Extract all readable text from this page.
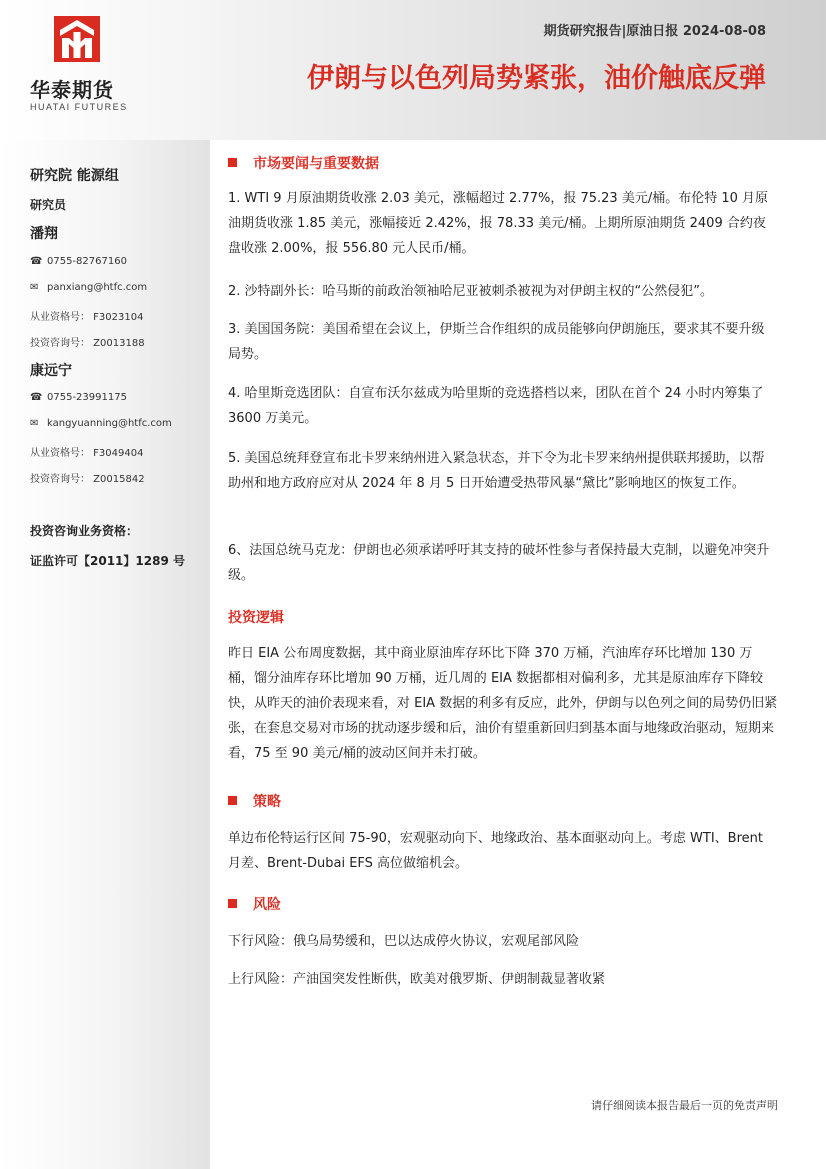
华泰期货
HUATAI FUTURES
期货研究报告|原油日报 2024-08-08
伊朗与以色列局势紧张，油价触底反弹
研究院 能源组
研究员
潘翔
☎ 0755-82767160
✉ panxiang@htfc.com
从业资格号： F3023104
投资咨询号： Z0013188
康远宁
☎ 0755-23991175
✉ kangyuanning@htfc.com
从业资格号： F3049404
投资咨询号： Z0015842
投资咨询业务资格：
证监许可【2011】1289 号
市场要闻与重要数据
1. WTI 9 月原油期货收涨 2.03 美元，涨幅超过 2.77%，报 75.23 美元/桶。布伦特 10 月原油期货收涨 1.85 美元，涨幅接近 2.42%，报 78.33 美元/桶。上期所原油期货 2409 合约夜盘收涨 2.00%，报 556.80 元人民币/桶。
2. 沙特副外长：哈马斯的前政治领袖哈尼亚被刺杀被视为对伊朗主权的“公然侵犯”。
3. 美国国务院：美国希望在会议上，伊斯兰合作组织的成员能够向伊朗施压，要求其不要升级局势。
4. 哈里斯竞选团队：自宣布沃尔兹成为哈里斯的竞选搭档以来，团队在首个 24 小时内筹集了 3600 万美元。
5. 美国总统拜登宣布北卡罗来纳州进入紧急状态，并下令为北卡罗来纳州提供联邦援助，以帮助州和地方政府应对从 2024 年 8 月 5 日开始遭受热带风暴“黛比”影响地区的恢复工作。
6、法国总统马克龙：伊朗也必须承诺呼吁其支持的破坏性参与者保持最大克制，以避免冲突升级。
投资逻辑
昨日 EIA 公布周度数据，其中商业原油库存环比下降 370 万桶，汽油库存环比增加 130 万桶，馏分油库存环比增加 90 万桶，近几周的 EIA 数据都相对偏利多，尤其是原油库存下降较快，从昨天的油价表现来看，对 EIA 数据的利多有反应，此外，伊朗与以色列之间的局势仍旧紧张，在套息交易对市场的扰动逐步缓和后，油价有望重新回归到基本面与地缘政治驱动，短期来看，75 至 90 美元/桶的波动区间并未打破。
策略
单边布伦特运行区间 75-90，宏观驱动向下、地缘政治、基本面驱动向上。考虑 WTI、Brent 月差、Brent-Dubai EFS 高位做缩机会。
风险
下行风险：俄乌局势缓和，巴以达成停火协议，宏观尾部风险
上行风险：产油国突发性断供，欧美对俄罗斯、伊朗制裁显著收紧
请仔细阅读本报告最后一页的免责声明
